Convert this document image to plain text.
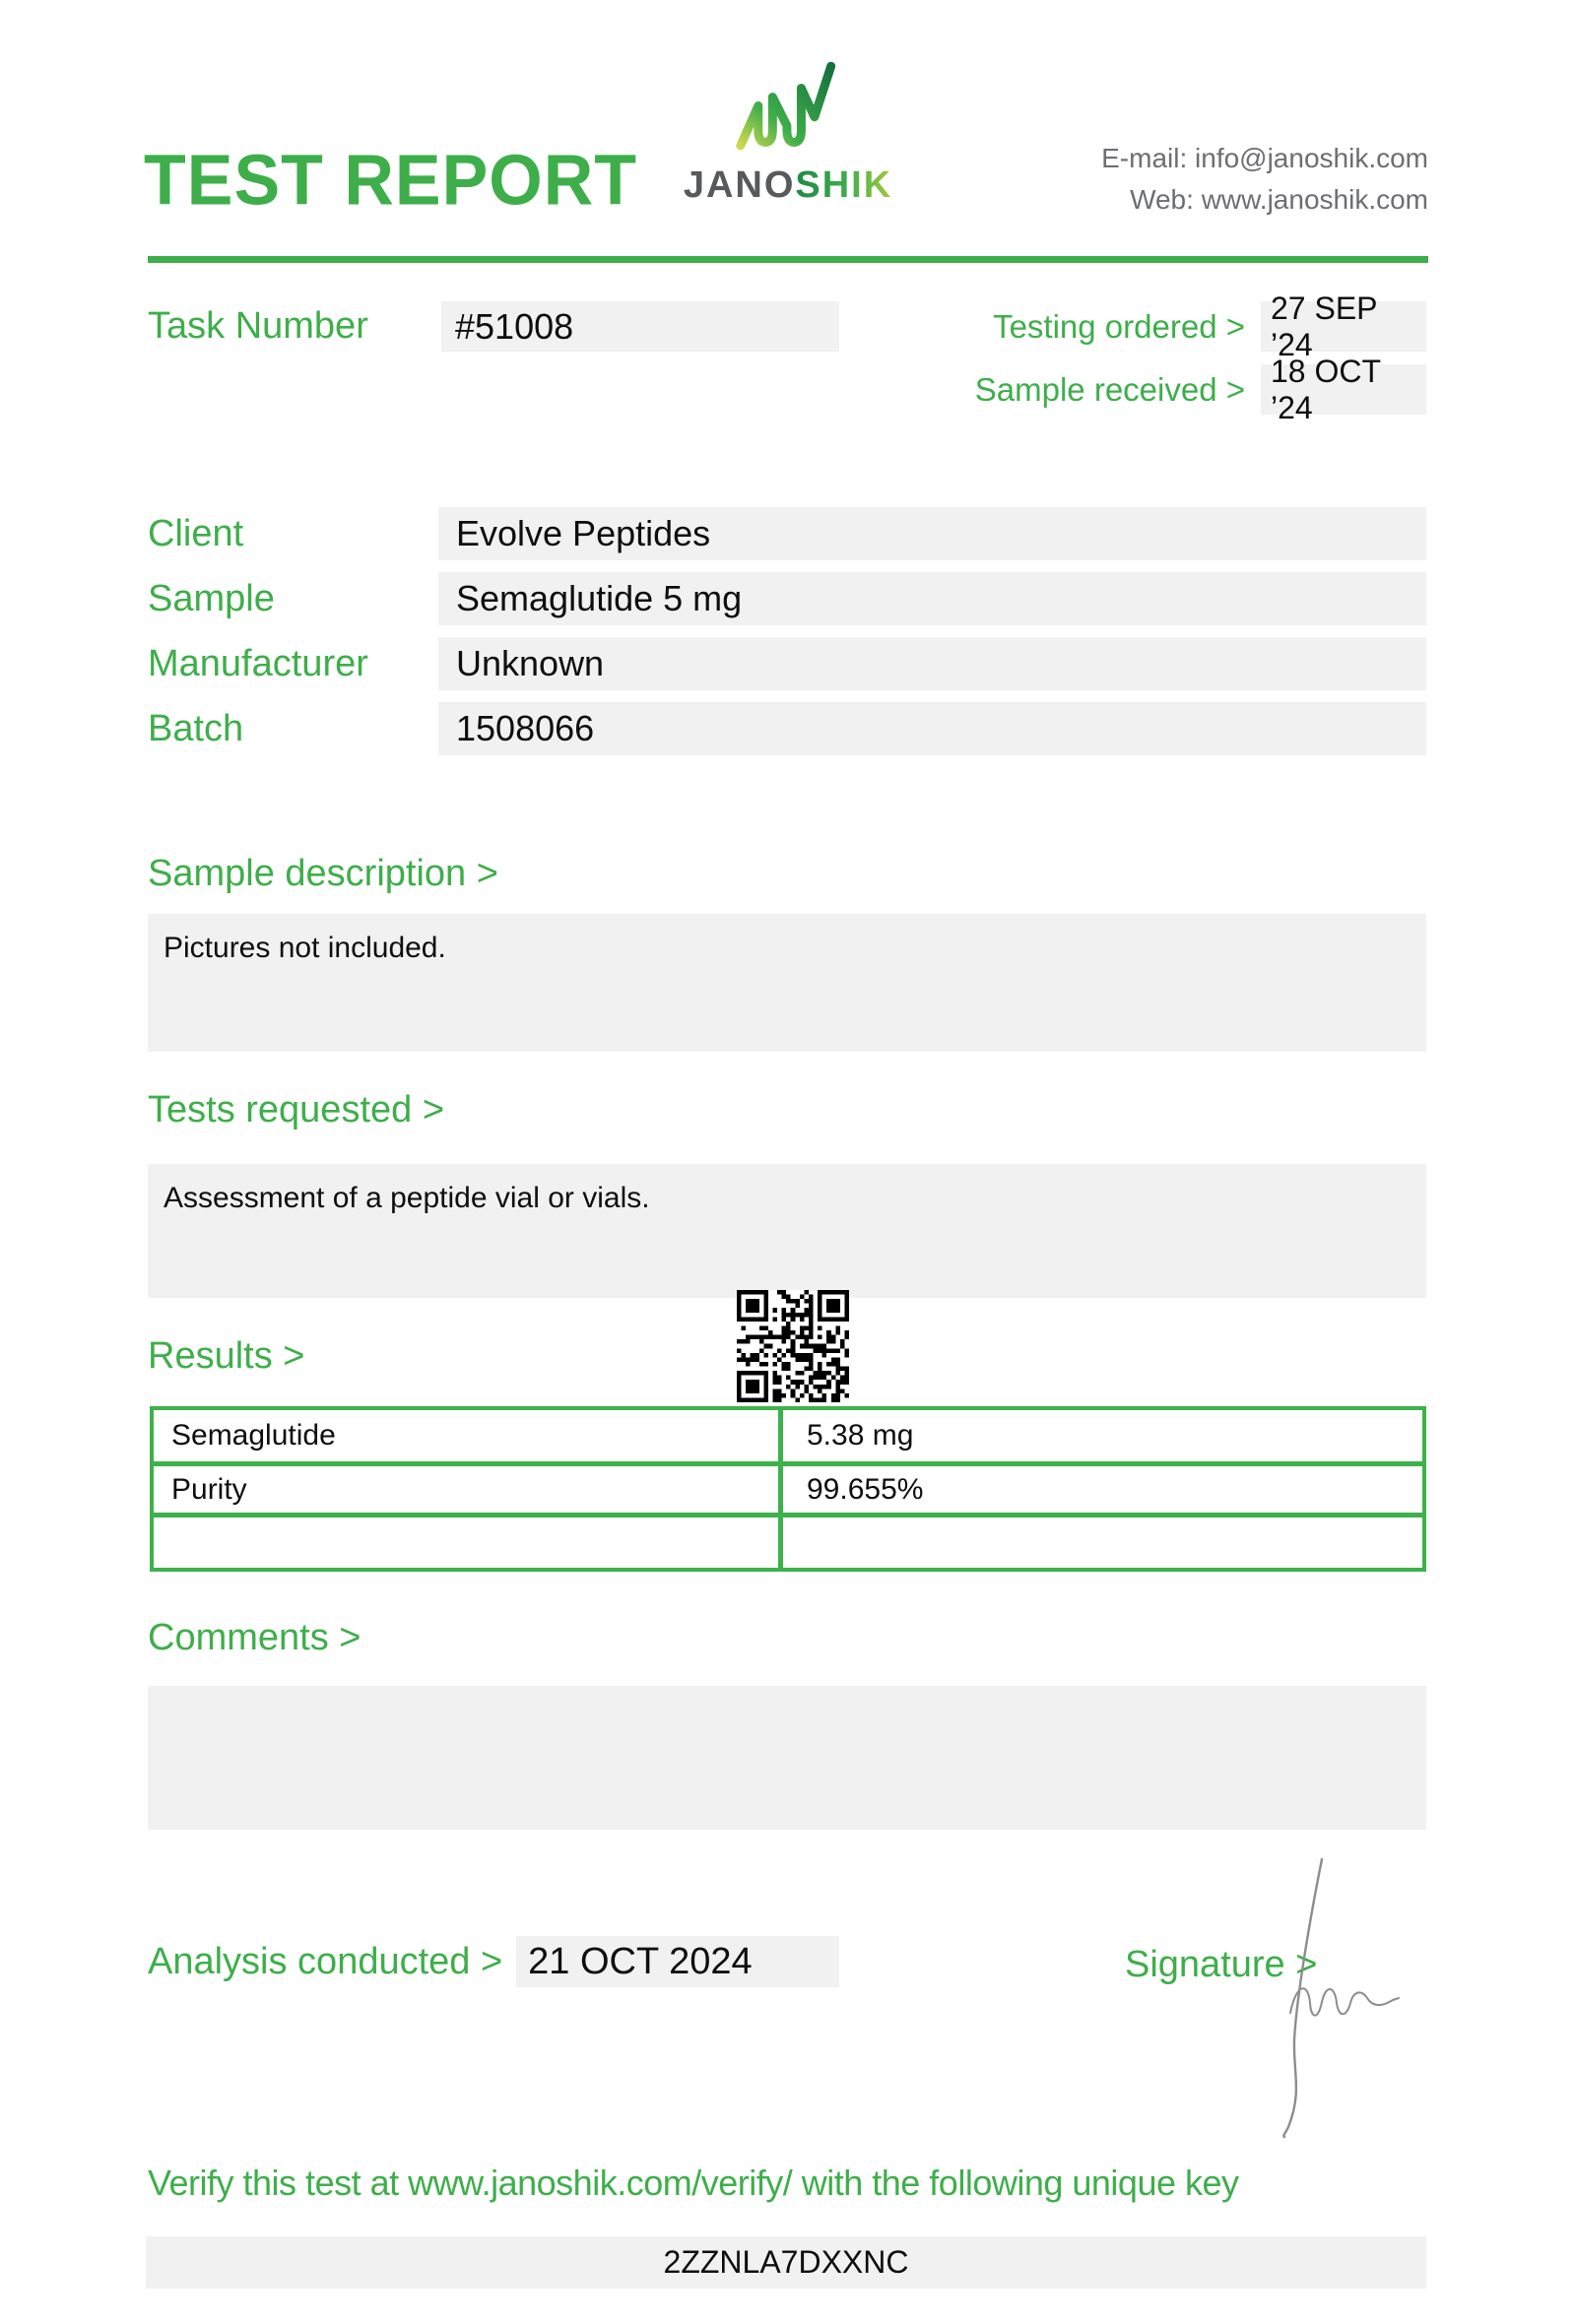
TEST REPORT JANOSHIK
E-mail: info@janoshik.com
Web: www.janoshik.com
Task Number	#51008	Testing ordered > 27 SEP ’24
Sample received > 18 OCT ’24
Client	Evolve Peptides
Sample	Semaglutide 5 mg
Manufacturer	Unknown
Batch	1508066
Sample description >
Pictures not included.
Tests requested >
Assessment of a peptide vial or vials.
Results >
Semaglutide	5.38 mg
Purity	99.655%
Comments >
Analysis conducted > 21 OCT 2024	Signature >
Verify this test at www.janoshik.com/verify/ with the following unique key
2ZZNLA7DXXNC
